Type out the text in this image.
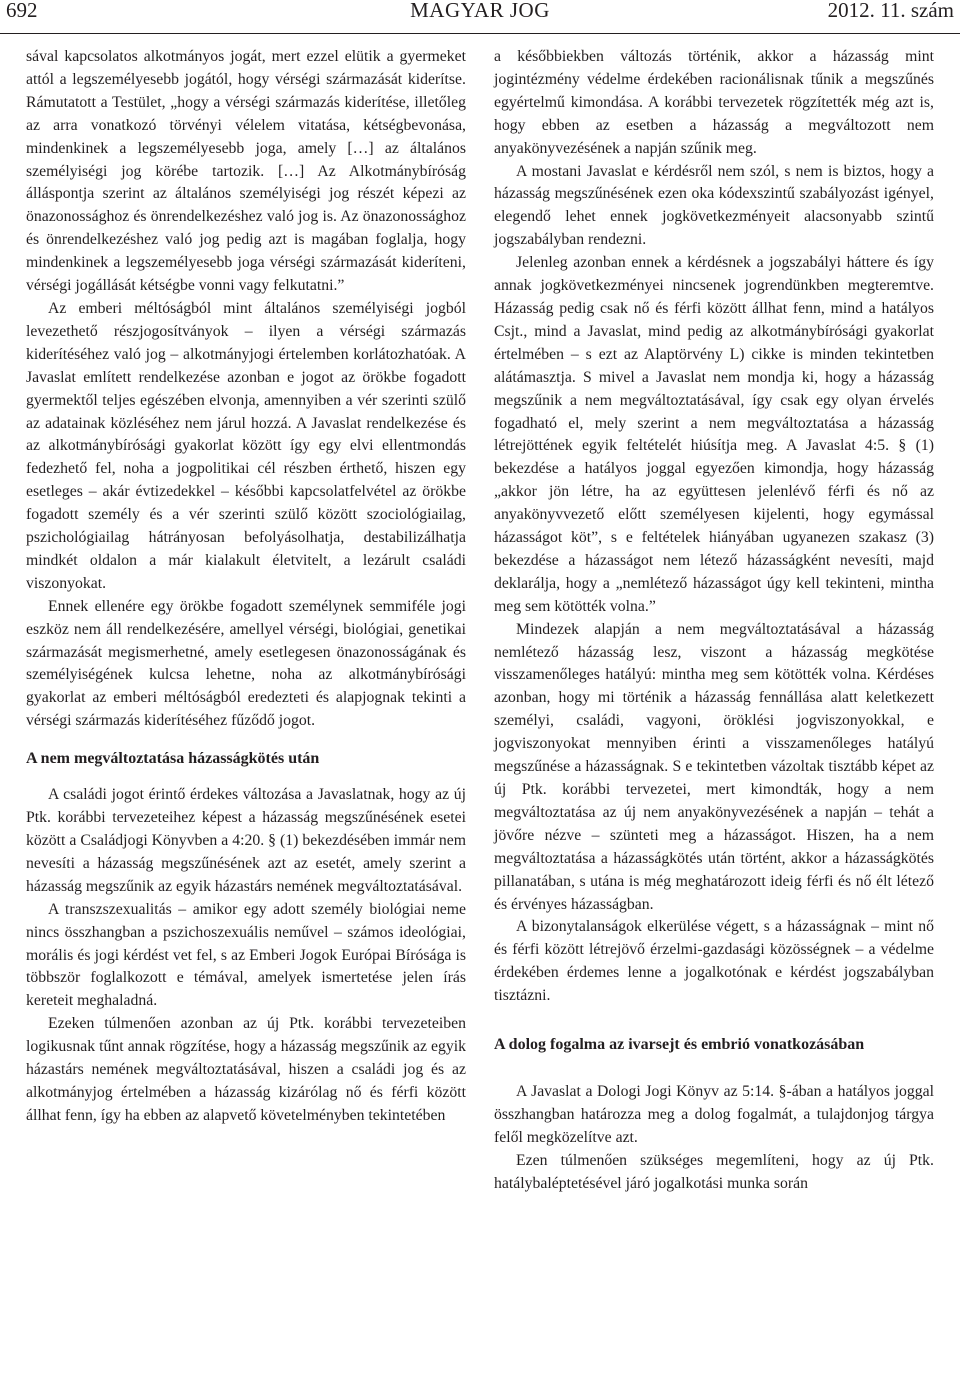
692	MAGYAR JOG	2012. 11. szám

sával kapcsolatos alkotmányos jogát, mert ezzel elütik a gyermeket attól a legszemélyesebb jogától, hogy vérségi származását kiderítse. Rámutatott a Testület, „hogy a vérségi származás kiderítése, illetőleg az arra vonatkozó törvényi vélelem vitatása, kétségbevonása, mindenkinek a legszemélyesebb joga, amely […] az általános személyiségi jog körébe tartozik. […] Az Alkotmánybíróság álláspontja szerint az általános személyiségi jog részét képezi az önazonossághoz és önrendelkezéshez való jog is. Az önazonossághoz és önrendelkezéshez való jog pedig azt is magában foglalja, hogy mindenkinek a legszemélyesebb joga vérségi származását kideríteni, vérségi jogállását kétségbe vonni vagy felkutatni.”

Az emberi méltóságból mint általános személyiségi jogból levezethető részjogosítványok – ilyen a vérségi származás kiderítéséhez való jog – alkotmányjogi értelemben korlátozhatóak. A Javaslat említett rendelkezése azonban e jogot az örökbe fogadott gyermektől teljes egészében elvonja, amennyiben a vér szerinti szülő az adatainak közléséhez nem járul hozzá. A Javaslat rendelkezése és az alkotmánybírósági gyakorlat között így egy elvi ellentmondás fedezhető fel, noha a jogpolitikai cél részben érthető, hiszen egy esetleges – akár évtizedekkel – későbbi kapcsolatfelvétel az örökbe fogadott személy és a vér szerinti szülő között szociológiailag, pszichológiailag hátrányosan befolyásolhatja, destabilizálhatja mindkét oldalon a már kialakult életvitelt, a lezárult családi viszonyokat.

Ennek ellenére egy örökbe fogadott személynek semmiféle jogi eszköz nem áll rendelkezésére, amellyel vérségi, biológiai, genetikai származását megismerhetné, amely esetlegesen önazonosságának és személyiségének kulcsa lehetne, noha az alkotmánybírósági gyakorlat az emberi méltóságból eredezteti és alapjognak tekinti a vérségi származás kiderítéséhez fűződő jogot.

A nem megváltoztatása házasságkötés után

A családi jogot érintő érdekes változása a Javaslatnak, hogy az új Ptk. korábbi tervezeteihez képest a házasság megszűnésének esetei között a Családjogi Könyvben a 4:20. § (1) bekezdésében immár nem nevesíti a házasság megszűnésének azt az esetét, amely szerint a házasság megszűnik az egyik házastárs nemének megváltoztatásával.

A transzszexualitás – amikor egy adott személy biológiai neme nincs összhangban a pszichoszexuális neművel – számos ideológiai, morális és jogi kérdést vet fel, s az Emberi Jogok Európai Bírósága is többször foglalkozott e témával, amelyek ismertetése jelen írás kereteit meghaladná.

Ezeken túlmenően azonban az új Ptk. korábbi tervezeteiben logikusnak tűnt annak rögzítése, hogy a házasság megszűnik az egyik házastárs nemének megváltoztatásával, hiszen a családi jog és az alkotmányjog értelmében a házasság kizárólag nő és férfi között állhat fenn, így ha ebben az alapvető követelményben tekintetében

a későbbiekben változás történik, akkor a házasság mint jogintézmény védelme érdekében racionálisnak tűnik a megszűnés egyértelmű kimondása. A korábbi tervezetek rögzítették még azt is, hogy ebben az esetben a házasság a megváltozott nem anyakönyvezésének a napján szűnik meg.

A mostani Javaslat e kérdésről nem szól, s nem is biztos, hogy a házasság megszűnésének ezen oka kódexszintű szabályozást igényel, elegendő lehet ennek jogkövetkezményeit alacsonyabb szintű jogszabályban rendezni.

Jelenleg azonban ennek a kérdésnek a jogszabályi háttere és így annak jogkövetkezményei nincsenek jogrendünkben megteremtve. Házasság pedig csak nő és férfi között állhat fenn, mind a hatályos Csjt., mind a Javaslat, mind pedig az alkotmánybírósági gyakorlat értelmében – s ezt az Alaptörvény L) cikke is minden tekintetben alátámasztja. S mivel a Javaslat nem mondja ki, hogy a házasság megszűnik a nem megváltoztatásával, így csak egy olyan érvelés fogadható el, mely szerint a nem megváltoztatása a házasság létrejöttének egyik feltételét hiúsítja meg. A Javaslat 4:5. § (1) bekezdése a hatályos joggal egyezően kimondja, hogy házasság „akkor jön létre, ha az együttesen jelenlévő férfi és nő az anyakönyvvezető előtt személyesen kijelenti, hogy egymással házasságot köt”, s e feltételek hiányában ugyanezen szakasz (3) bekezdése a házasságot nem létező házasságként nevesíti, majd deklarálja, hogy a „nemlétező házasságot úgy kell tekinteni, mintha meg sem kötötték volna.”

Mindezek alapján a nem megváltoztatásával a házasság nemlétező házasság lesz, viszont a házasság megkötése visszamenőleges hatályú: mintha meg sem kötötték volna. Kérdéses azonban, hogy mi történik a házasság fennállása alatt keletkezett személyi, családi, vagyoni, öröklési jogviszonyokkal, e jogviszonyokat mennyiben érinti a visszamenőleges hatályú megszűnése a házasságnak. S e tekintetben vázoltak tisztább képet az új Ptk. korábbi tervezetei, mert kimondták, hogy a nem megváltoztatása az új nem anyakönyvezésének a napján – tehát a jövőre nézve – szünteti meg a házasságot. Hiszen, ha a nem megváltoztatása a házasságkötés után történt, akkor a házasságkötés pillanatában, s utána is még meghatározott ideig férfi és nő élt létező és érvényes házasságban.

A bizonytalanságok elkerülése végett, s a házasságnak – mint nő és férfi között létrejövő érzelmi-gazdasági közösségnek – a védelme érdekében érdemes lenne a jogalkotónak e kérdést jogszabályban tisztázni.

A dolog fogalma az ivarsejt és embrió vonatkozásában

A Javaslat a Dologi Jogi Könyv az 5:14. §-ában a hatályos joggal összhangban határozza meg a dolog fogalmát, a tulajdonjog tárgya felől megközelítve azt.

Ezen túlmenően szükséges megemlíteni, hogy az új Ptk. hatálybaléptetésével járó jogalkotási munka során
